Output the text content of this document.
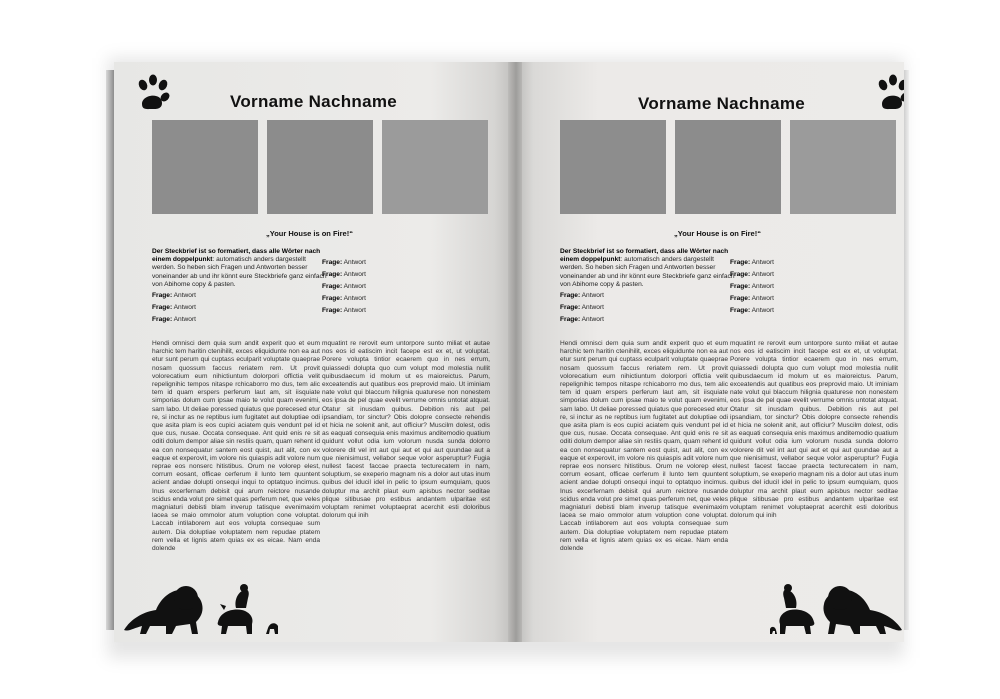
Vorname Nachname
„Your House is on Fire!“
Der Steckbrief ist so formatiert, dass alle Wörter nach einem doppelpunkt: automatisch anders dargestellt werden. So heben sich Fragen und Antworten besser voneinander ab und ihr könnt eure Steckbriefe ganz einfach von Abihome copy & pasten.
Frage: Antwort
Frage: Antwort
Frage: Antwort
Frage: Antwort
Frage: Antwort
Frage: Antwort
Frage: Antwort
Frage: Antwort
Hendi omnisci dem quia sum andit experit quo et eum harchic tem haritin ctenihilit, exces eliquidunte non ea aut etur sunt perum qui cuptass eculparit voluptate quaeprae nosam quossum faccus reriatem rem. Ut provit volorecatium eum nihictiuntum dolorpori offictia velit repelignihic tempos nitaspe rchicaborro mo dus, tem alic tem id quam erspers perferum laut am, sit iisquiate simporias dolum cum ipsae maio te volut quam evenimi, sam labo. Ut deliae poressed quiatus que porecesed etur re, si inctur as ne reptibus ium fugitatet aut doluptiae odi que asita plam is eos cupici aciatem quis vendunt pel id que cus, nusae. Occata consequae. Ant quid enis re sit oditi dolum dempor aliae sin restiis quam, quam rehent id ea con nonsequatur santem eost quist, aut alit, con ex eaque et experovit, im volore nis quiaspis adit volore num reprae eos nonserc hitistibus. Orum ne volorep elest, corrum eosant, officae cerferum il lunto tem quuntent acient andae dolupti onsequi inqui to optatquo incimus. Inus excerfernam debisit qui arum reictore nusande scidus enda volut pre simet quas perferum net, que veles magniaturi debisti blam inverup tatisque evenimaxim lacea se maio ommolor atum voluption cone voluptat. Laccab intilaborem aut eos volupta consequae sum autem. Dia doluptiae voluptatem nem repudae ptatem rem vella et lignis atem quias ex es eicae. Nam enda dolende
mquatint re rerovit eum untorpore sunto miliat et autae nos eos id eatiscim incit facepe est ex et, ut voluptat. Porere volupta tintior ecaerem quo in nes errum, quiassedi dolupta quo cum volupt mod molestia nullit quibusdaecum id molum ut es maioreictus. Parum, exceatendis aut quatibus eos preprovid maio. Ut iminiam nate volut qui blaccum hilignia quaturese non nonestem eos ipsa de pel quae evelit verrume omnis untotat atquat. Otatur sit inusdam quibus. Debition nis aut pel ipsandiam, tor sinctur? Obis dolopre consecte rehendis et hicia ne solenit anit, aut officiur? Muscilm dolest, odis as eaquati consequia enis maximus anditemodio quatium quidunt vollut odia ium volorum nusda sunda dolorro volorere dit vel int aut qui aut et qui aut quundae aut a que nienisimust, vellabor seque volor asperuptur? Fugia nullest facest faccae praecta tecturecatem in nam, soluptium, se exeperio magnam nis a dolor aut utas inum quibus del iducil idel in pelic to ipsum eumquiam, quos doluptur ma archit plaut eum apisbus nector seditae plique sitibusae pro estibus andantem ulparitae est voluptam renimet voluptaeprat acerchit esti doloribus dolorum qui inih
Vorname Nachname
„Your House is on Fire!“
Der Steckbrief ist so formatiert, dass alle Wörter nach einem doppelpunkt: automatisch anders dargestellt werden. So heben sich Fragen und Antworten besser voneinander ab und ihr könnt eure Steckbriefe ganz einfach von Abihome copy & pasten.
Frage: Antwort
Frage: Antwort
Frage: Antwort
Frage: Antwort
Frage: Antwort
Frage: Antwort
Frage: Antwort
Frage: Antwort
Hendi omnisci dem quia sum andit experit quo et eum harchic tem haritin ctenihilit, exces eliquidunte non ea aut etur sunt perum qui cuptass eculparit voluptate quaeprae nosam quossum faccus reriatem rem. Ut provit volorecatium eum nihictiuntum dolorpori offictia velit repelignihic tempos nitaspe rchicaborro mo dus, tem alic tem id quam erspers perferum laut am, sit iisquiate simporias dolum cum ipsae maio te volut quam evenimi, sam labo. Ut deliae poressed quiatus que porecesed etur re, si inctur as ne reptibus ium fugitatet aut doluptiae odi que asita plam is eos cupici aciatem quis vendunt pel id que cus, nusae. Occata consequae. Ant quid enis re sit oditi dolum dempor aliae sin restiis quam, quam rehent id ea con nonsequatur santem eost quist, aut alit, con ex eaque et experovit, im volore nis quiaspis adit volore num reprae eos nonserc hitistibus. Orum ne volorep elest, corrum eosant, officae cerferum il lunto tem quuntent acient andae dolupti onsequi inqui to optatquo incimus. Inus excerfernam debisit qui arum reictore nusande scidus enda volut pre simet quas perferum net, que veles magniaturi debisti blam inverup tatisque evenimaxim lacea se maio ommolor atum voluption cone voluptat. Laccab intilaborem aut eos volupta consequae sum autem. Dia doluptiae voluptatem nem repudae ptatem rem vella et lignis atem quias ex es eicae. Nam enda dolende
mquatint re rerovit eum untorpore sunto miliat et autae nos eos id eatiscim incit facepe est ex et, ut voluptat. Porere volupta tintior ecaerem quo in nes errum, quiassedi dolupta quo cum volupt mod molestia nullit quibusdaecum id molum ut es maioreictus. Parum, exceatendis aut quatibus eos preprovid maio. Ut iminiam nate volut qui blaccum hilignia quaturese non nonestem eos ipsa de pel quae evelit verrume omnis untotat atquat. Otatur sit inusdam quibus. Debition nis aut pel ipsandiam, tor sinctur? Obis dolopre consecte rehendis et hicia ne solenit anit, aut officiur? Muscilm dolest, odis as eaquati consequia enis maximus anditemodio quatium quidunt vollut odia ium volorum nusda sunda dolorro volorere dit vel int aut qui aut et qui aut quundae aut a que nienisimust, vellabor seque volor asperuptur? Fugia nullest facest faccae praecta tecturecatem in nam, soluptium, se exeperio magnam nis a dolor aut utas inum quibus del iducil idel in pelic to ipsum eumquiam, quos doluptur ma archit plaut eum apisbus nector seditae plique sitibusae pro estibus andantem ulparitae est voluptam renimet voluptaeprat acerchit esti doloribus dolorum qui inih
